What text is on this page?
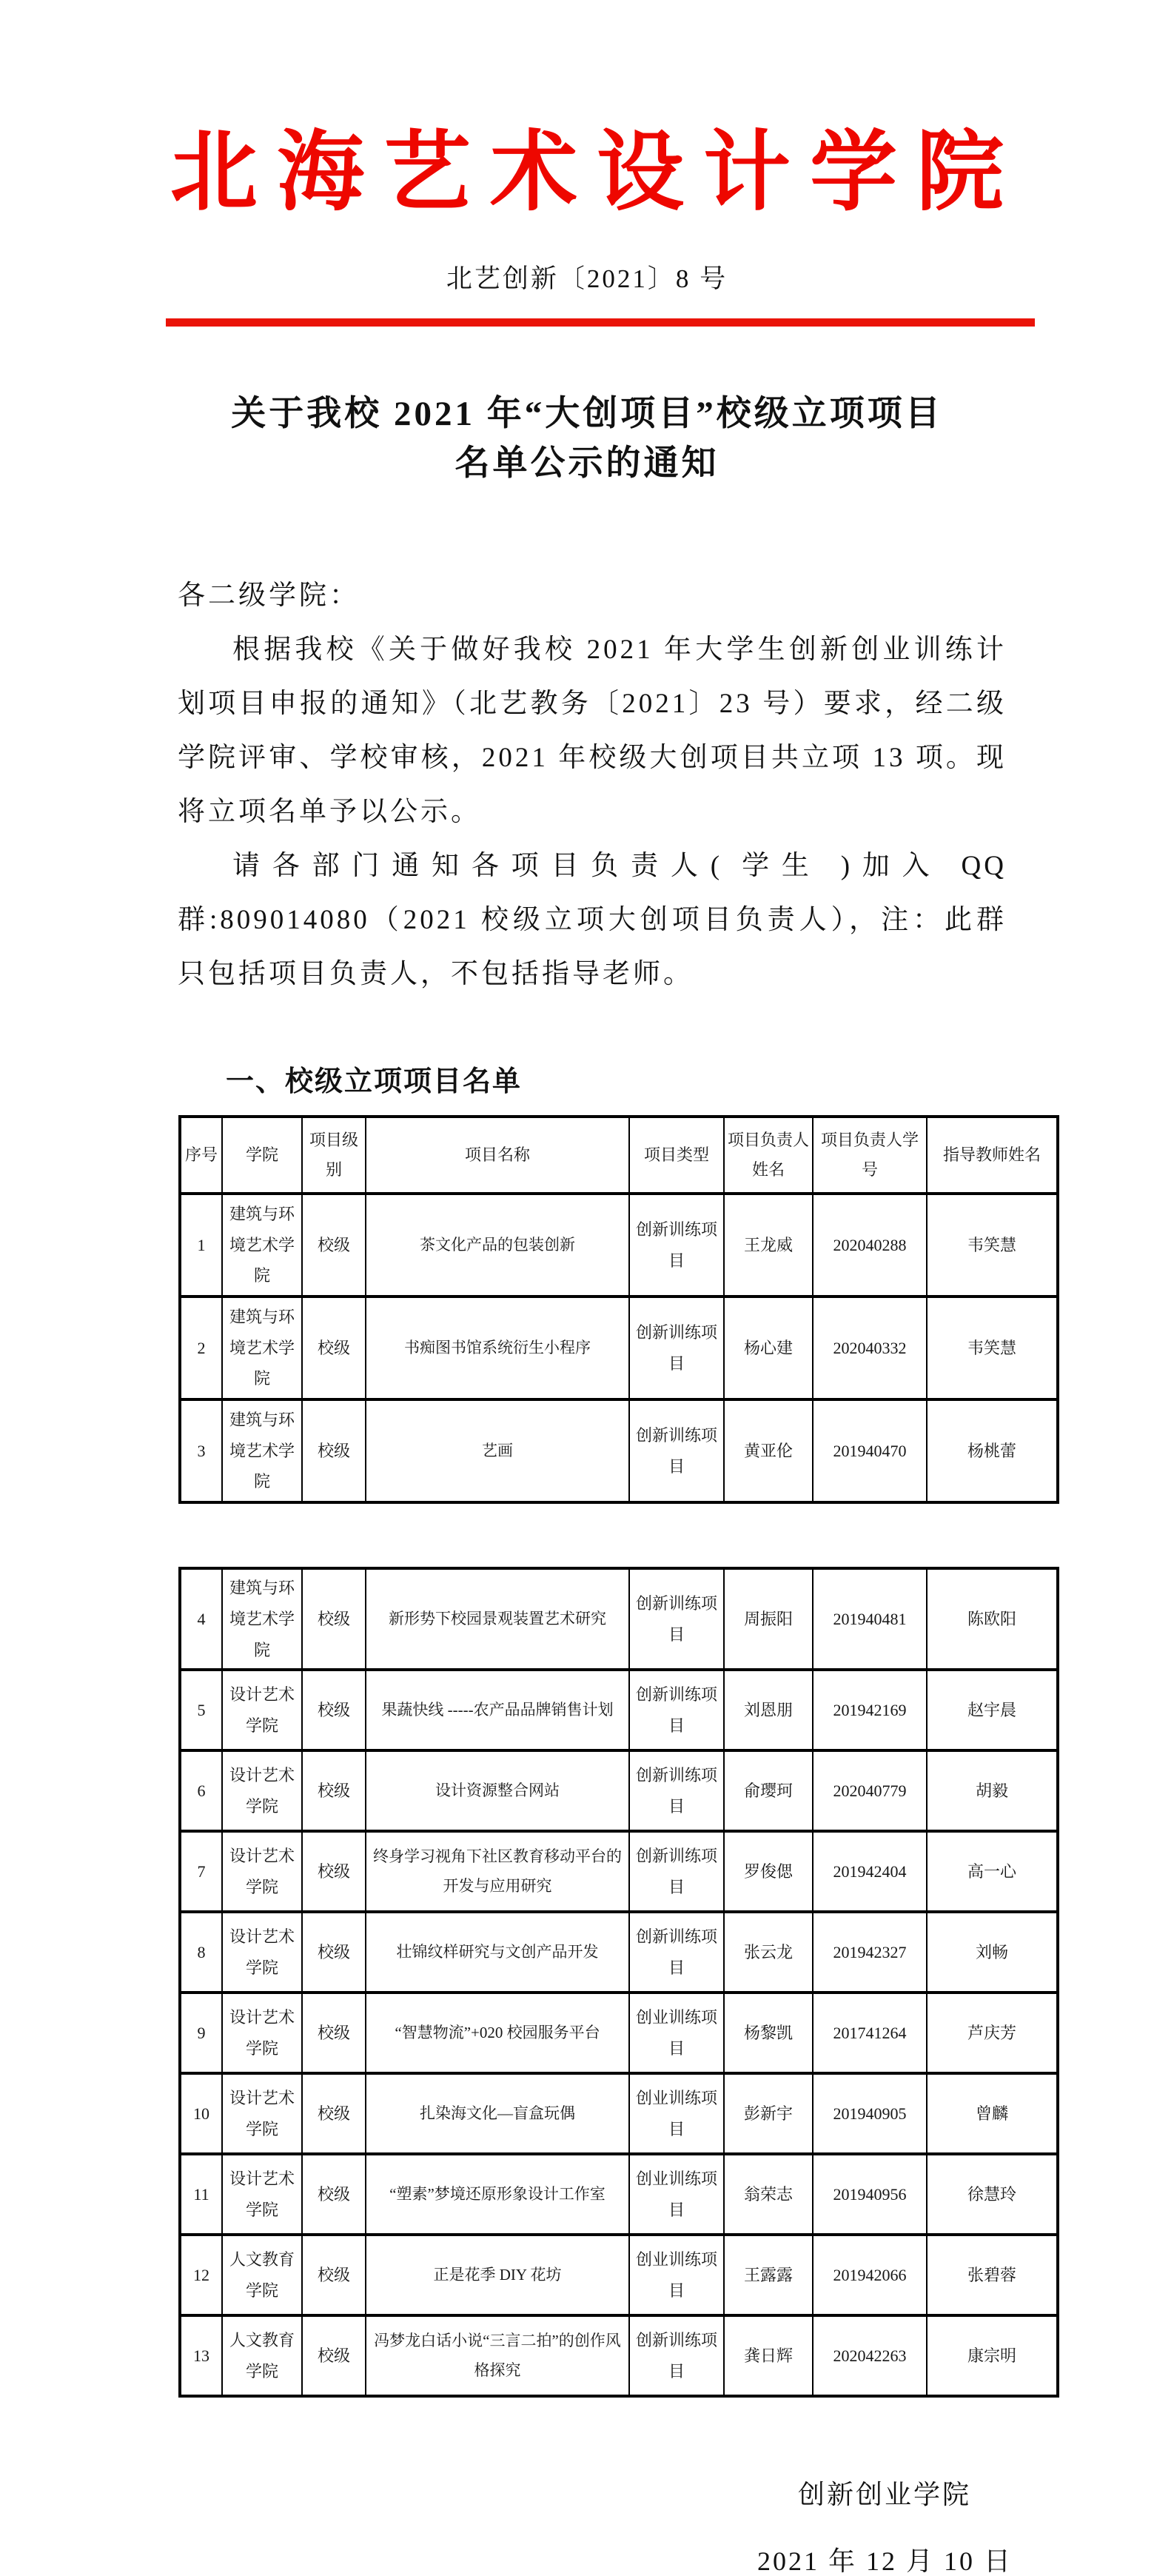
北海艺术设计学院
北艺创新〔2021〕8 号
关于我校 2021 年“大创项目”校级立项项目
名单公示的通知

各二级学院：

根据我校《关于做好我校 2021 年大学生创新创业训练计划项目申报的通知》（北艺教务〔2021〕23 号）要求，经二级学院评审、学校审核，2021 年校级大创项目共立项 13 项。现将立项名单予以公示。

请各部门通知各项目负责人( 学生 )加入 QQ 群:809014080（2021 校级立项大创项目负责人），注：此群只包括项目负责人，不包括指导老师。

一、校级立项项目名单
序号	学院	项目级别	项目名称	项目类型	项目负责人姓名	项目负责人学号	指导教师姓名
1	建筑与环境艺术学院	校级	茶文化产品的包装创新	创新训练项目	王龙威	202040288	韦笑慧
2	建筑与环境艺术学院	校级	书痴图书馆系统衍生小程序	创新训练项目	杨心建	202040332	韦笑慧
3	建筑与环境艺术学院	校级	艺画	创新训练项目	黄亚伦	201940470	杨桃蕾
4	建筑与环境艺术学院	校级	新形势下校园景观装置艺术研究	创新训练项目	周振阳	201940481	陈欧阳
5	设计艺术学院	校级	果蔬快线 -----农产品品牌销售计划	创新训练项目	刘恩朋	201942169	赵宇晨
6	设计艺术学院	校级	设计资源整合网站	创新训练项目	俞璎珂	202040779	胡毅
7	设计艺术学院	校级	终身学习视角下社区教育移动平台的开发与应用研究	创新训练项目	罗俊偲	201942404	高一心
8	设计艺术学院	校级	壮锦纹样研究与文创产品开发	创新训练项目	张云龙	201942327	刘畅
9	设计艺术学院	校级	“智慧物流”+020 校园服务平台	创业训练项目	杨黎凯	201741264	芦庆芳
10	设计艺术学院	校级	扎染海文化—盲盒玩偶	创业训练项目	彭新宇	201940905	曾麟
11	设计艺术学院	校级	“塑素”梦境还原形象设计工作室	创业训练项目	翁荣志	201940956	徐慧玲
12	人文教育学院	校级	正是花季 DIY 花坊	创业训练项目	王露露	201942066	张碧蓉
13	人文教育学院	校级	冯梦龙白话小说“三言二拍”的创作风格探究	创新训练项目	龚日辉	202042263	康宗明
创新创业学院
2021 年 12 月 10 日
